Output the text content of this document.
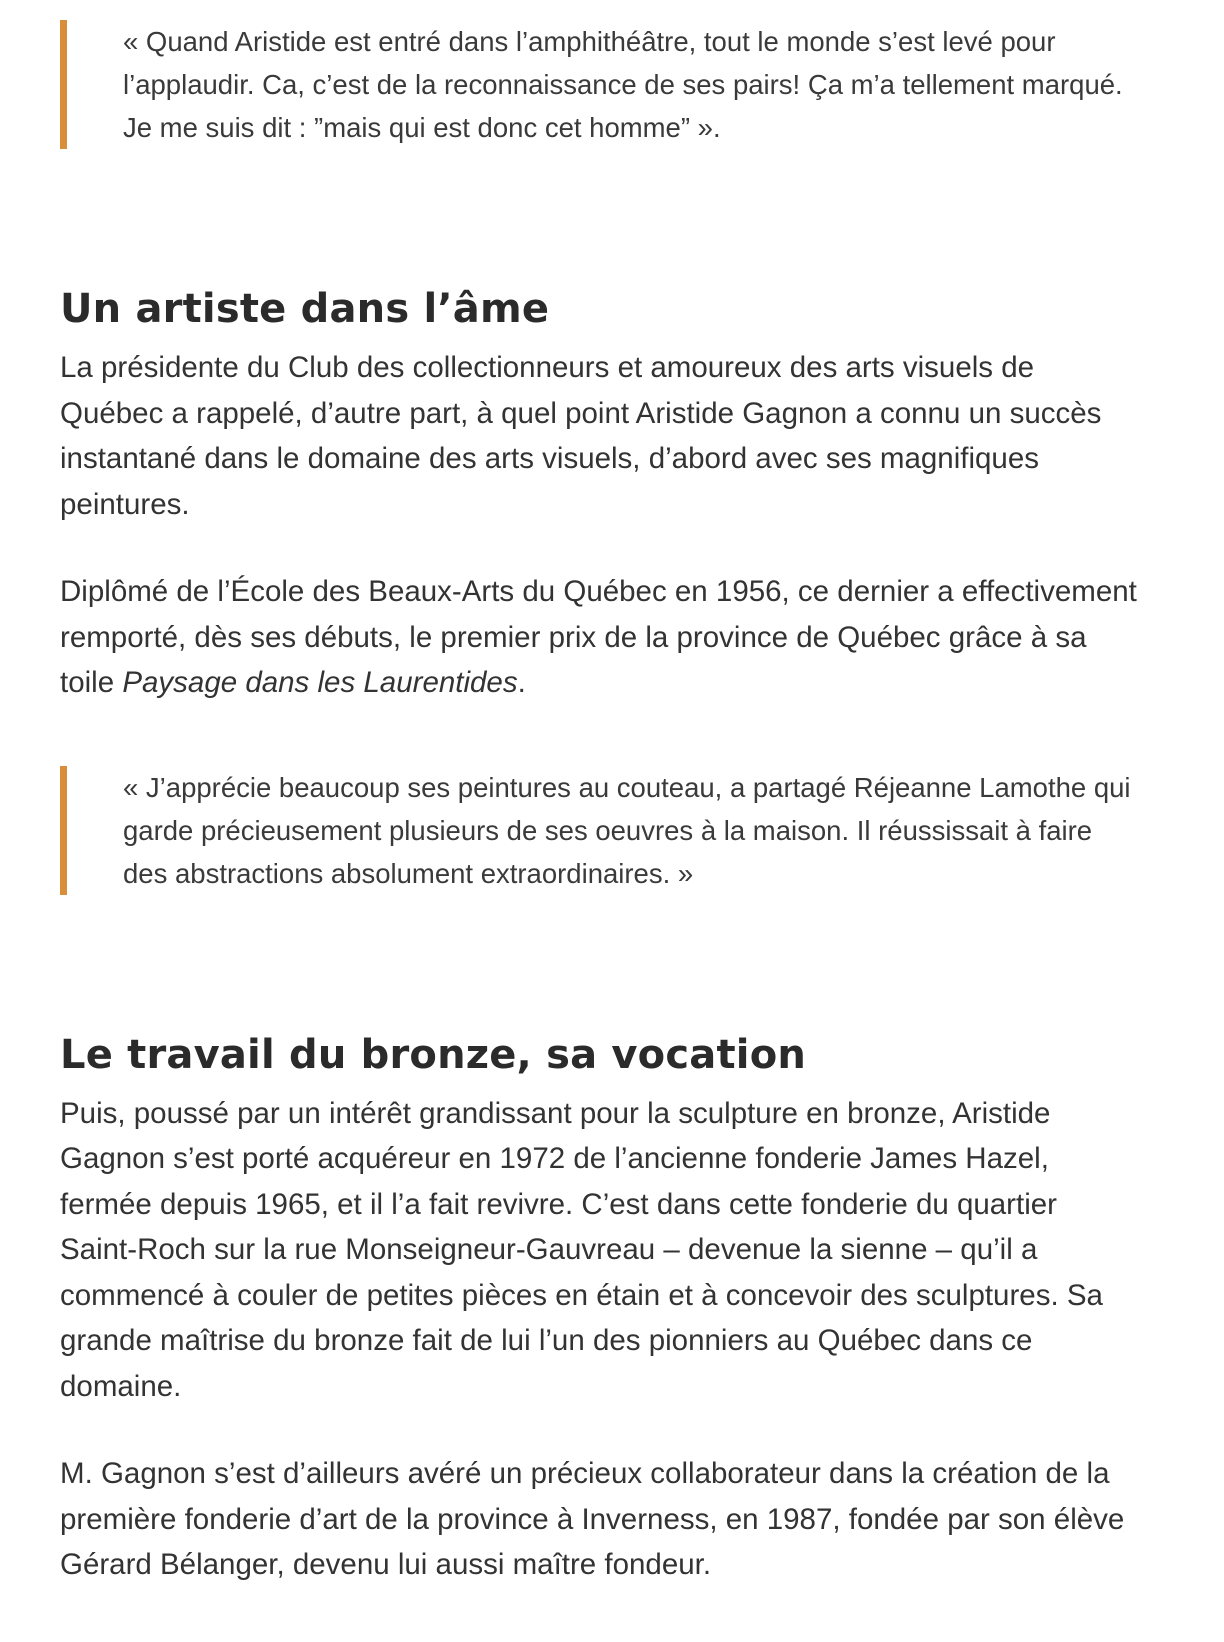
« Quand Aristide est entré dans l’amphithéâtre, tout le monde s’est levé pour l’applaudir. Ca, c’est de la reconnaissance de ses pairs! Ça m’a tellement marqué. Je me suis dit : ”mais qui est donc cet homme” ».

Un artiste dans l’âme

La présidente du Club des collectionneurs et amoureux des arts visuels de Québec a rappelé, d’autre part, à quel point Aristide Gagnon a connu un succès instantané dans le domaine des arts visuels, d’abord avec ses magnifiques peintures.

Diplômé de l’École des Beaux-Arts du Québec en 1956, ce dernier a effectivement remporté, dès ses débuts, le premier prix de la province de Québec grâce à sa toile Paysage dans les Laurentides.

« J’apprécie beaucoup ses peintures au couteau, a partagé Réjeanne Lamothe qui garde précieusement plusieurs de ses oeuvres à la maison. Il réussissait à faire des abstractions absolument extraordinaires. »

Le travail du bronze, sa vocation

Puis, poussé par un intérêt grandissant pour la sculpture en bronze, Aristide Gagnon s’est porté acquéreur en 1972 de l’ancienne fonderie James Hazel, fermée depuis 1965, et il l’a fait revivre. C’est dans cette fonderie du quartier Saint-Roch sur la rue Monseigneur-Gauvreau – devenue la sienne – qu’il a commencé à couler de petites pièces en étain et à concevoir des sculptures. Sa grande maîtrise du bronze fait de lui l’un des pionniers au Québec dans ce domaine.

M. Gagnon s’est d’ailleurs avéré un précieux collaborateur dans la création de la première fonderie d’art de la province à Inverness, en 1987, fondée par son élève Gérard Bélanger, devenu lui aussi maître fondeur.
